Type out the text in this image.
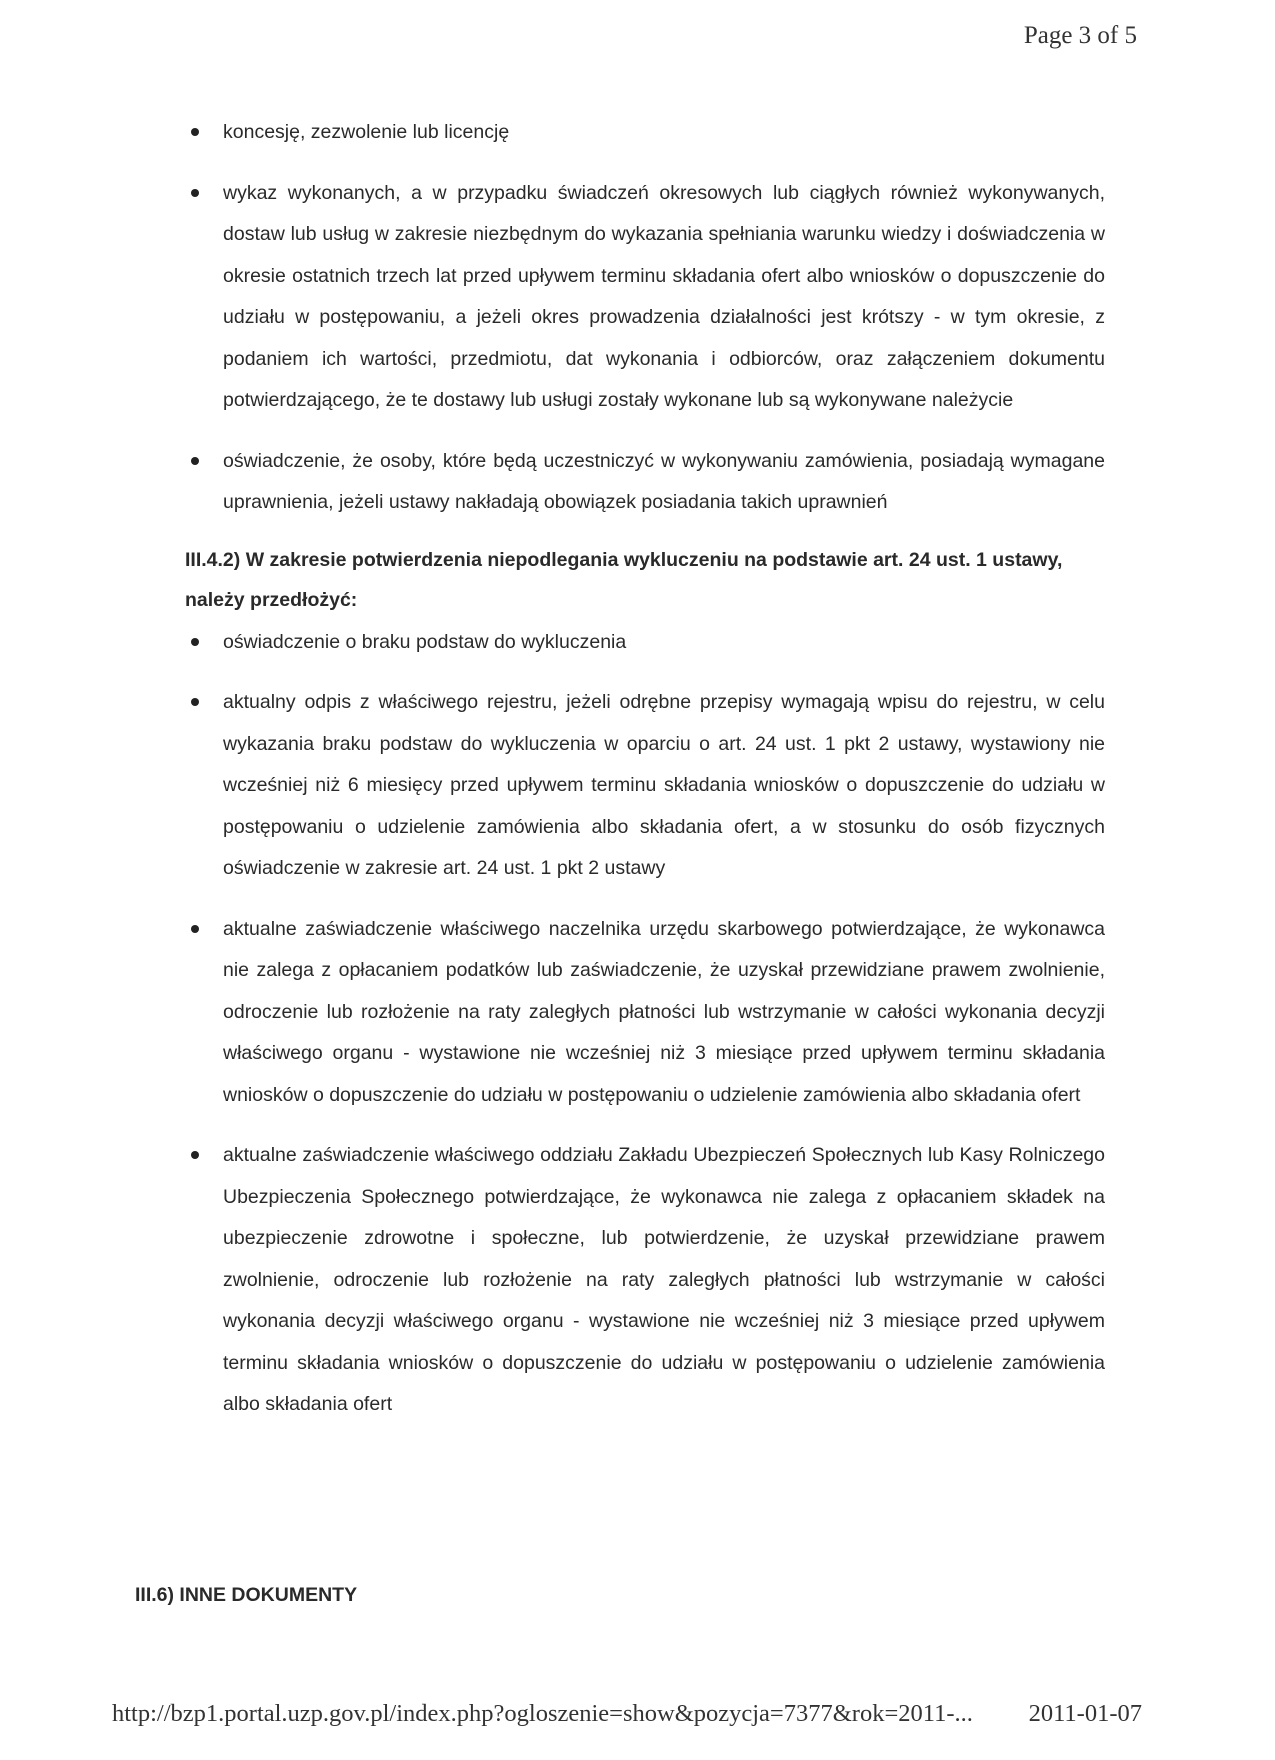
Page 3 of 5
koncesję, zezwolenie lub licencję
wykaz wykonanych, a w przypadku świadczeń okresowych lub ciągłych również wykonywanych, dostaw lub usług w zakresie niezbędnym do wykazania spełniania warunku wiedzy i doświadczenia w okresie ostatnich trzech lat przed upływem terminu składania ofert albo wniosków o dopuszczenie do udziału w postępowaniu, a jeżeli okres prowadzenia działalności jest krótszy - w tym okresie, z podaniem ich wartości, przedmiotu, dat wykonania i odbiorców, oraz załączeniem dokumentu potwierdzającego, że te dostawy lub usługi zostały wykonane lub są wykonywane należycie
oświadczenie, że osoby, które będą uczestniczyć w wykonywaniu zamówienia, posiadają wymagane uprawnienia, jeżeli ustawy nakładają obowiązek posiadania takich uprawnień
III.4.2) W zakresie potwierdzenia niepodlegania wykluczeniu na podstawie art. 24 ust. 1 ustawy,
należy przedłożyć:
oświadczenie o braku podstaw do wykluczenia
aktualny odpis z właściwego rejestru, jeżeli odrębne przepisy wymagają wpisu do rejestru, w celu wykazania braku podstaw do wykluczenia w oparciu o art. 24 ust. 1 pkt 2 ustawy, wystawiony nie wcześniej niż 6 miesięcy przed upływem terminu składania wniosków o dopuszczenie do udziału w postępowaniu o udzielenie zamówienia albo składania ofert, a w stosunku do osób fizycznych oświadczenie w zakresie art. 24 ust. 1 pkt 2 ustawy
aktualne zaświadczenie właściwego naczelnika urzędu skarbowego potwierdzające, że wykonawca nie zalega z opłacaniem podatków lub zaświadczenie, że uzyskał przewidziane prawem zwolnienie, odroczenie lub rozłożenie na raty zaległych płatności lub wstrzymanie w całości wykonania decyzji właściwego organu - wystawione nie wcześniej niż 3 miesiące przed upływem terminu składania wniosków o dopuszczenie do udziału w postępowaniu o udzielenie zamówienia albo składania ofert
aktualne zaświadczenie właściwego oddziału Zakładu Ubezpieczeń Społecznych lub Kasy Rolniczego Ubezpieczenia Społecznego potwierdzające, że wykonawca nie zalega z opłacaniem składek na ubezpieczenie zdrowotne i społeczne, lub potwierdzenie, że uzyskał przewidziane prawem zwolnienie, odroczenie lub rozłożenie na raty zaległych płatności lub wstrzymanie w całości wykonania decyzji właściwego organu - wystawione nie wcześniej niż 3 miesiące przed upływem terminu składania wniosków o dopuszczenie do udziału w postępowaniu o udzielenie zamówienia albo składania ofert
III.6) INNE DOKUMENTY
http://bzp1.portal.uzp.gov.pl/index.php?ogloszenie=show&pozycja=7377&rok=2011-... 2011-01-07
